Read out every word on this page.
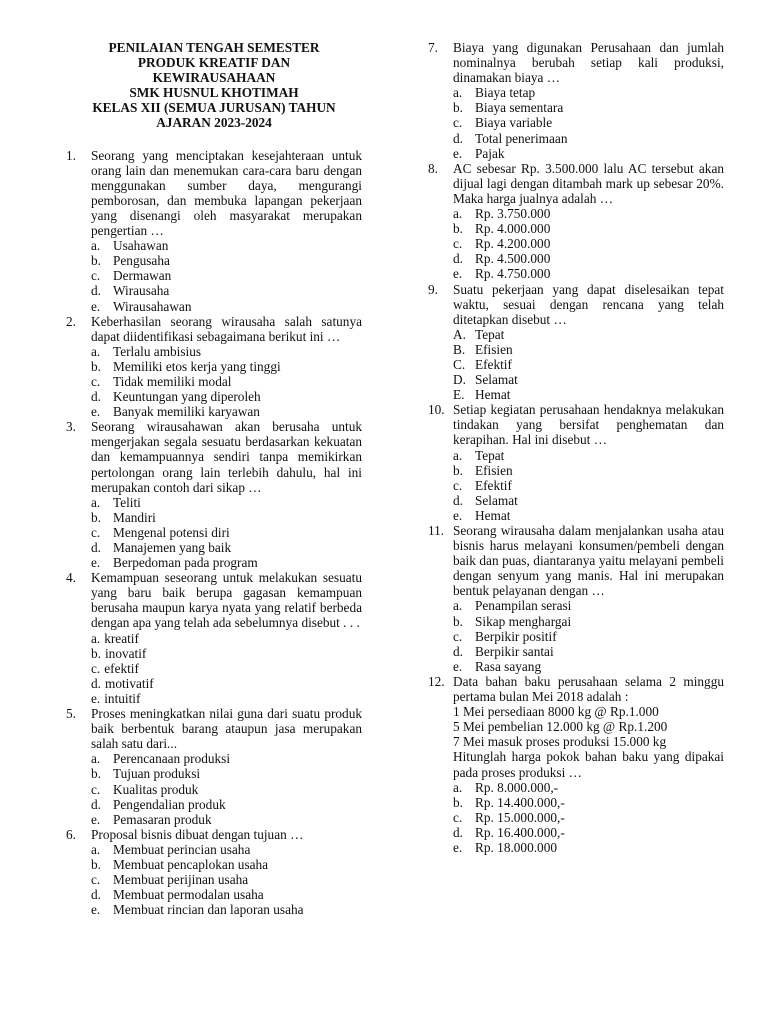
PENILAIAN TENGAH SEMESTER
PRODUK KREATIF DAN
KEWIRAUSAHAAN
SMK HUSNUL KHOTIMAH
KELAS XII (SEMUA JURUSAN) TAHUN
AJARAN 2023-2024
1. Seorang yang menciptakan kesejahteraan untuk orang lain dan menemukan cara-cara baru dengan menggunakan sumber daya, mengurangi pemborosan, dan membuka lapangan pekerjaan yang disenangi oleh masyarakat merupakan pengertian …
a. Usahawan
b. Pengusaha
c. Dermawan
d. Wirausaha
e. Wirausahawan
2. Keberhasilan seorang wirausaha salah satunya dapat diidentifikasi sebagaimana berikut ini …
a. Terlalu ambisius
b. Memiliki etos kerja yang tinggi
c. Tidak memiliki modal
d. Keuntungan yang diperoleh
e. Banyak memiliki karyawan
3. Seorang wirausahawan akan berusaha untuk mengerjakan segala sesuatu berdasarkan kekuatan dan kemampuannya sendiri tanpa memikirkan pertolongan orang lain terlebih dahulu, hal ini merupakan contoh dari sikap …
a. Teliti
b. Mandiri
c. Mengenal potensi diri
d. Manajemen yang baik
e. Berpedoman pada program
4. Kemampuan seseorang untuk melakukan sesuatu yang baru baik berupa gagasan kemampuan berusaha maupun karya nyata yang relatif berbeda dengan apa yang telah ada sebelumnya disebut . . .
a. kreatif
b. inovatif
c. efektif
d. motivatif
e. intuitif
5. Proses meningkatkan nilai guna dari suatu produk baik berbentuk barang ataupun jasa merupakan salah satu dari...
a. Perencanaan produksi
b. Tujuan produksi
c. Kualitas produk
d. Pengendalian produk
e. Pemasaran produk
6. Proposal bisnis dibuat dengan tujuan …
a. Membuat perincian usaha
b. Membuat pencaplokan usaha
c. Membuat perijinan usaha
d. Membuat permodalan usaha
e. Membuat rincian dan laporan usaha
7. Biaya yang digunakan Perusahaan dan jumlah nominalnya berubah setiap kali produksi, dinamakan biaya …
a. Biaya tetap
b. Biaya sementara
c. Biaya variable
d. Total penerimaan
e. Pajak
8. AC sebesar Rp. 3.500.000 lalu AC tersebut akan dijual lagi dengan ditambah mark up sebesar 20%. Maka harga jualnya adalah …
a. Rp. 3.750.000
b. Rp. 4.000.000
c. Rp. 4.200.000
d. Rp. 4.500.000
e. Rp. 4.750.000
9. Suatu pekerjaan yang dapat diselesaikan tepat waktu, sesuai dengan rencana yang telah ditetapkan disebut …
A. Tepat
B. Efisien
C. Efektif
D. Selamat
E. Hemat
10. Setiap kegiatan perusahaan hendaknya melakukan tindakan yang bersifat penghematan dan kerapihan. Hal ini disebut …
a. Tepat
b. Efisien
c. Efektif
d. Selamat
e. Hemat
11. Seorang wirausaha dalam menjalankan usaha atau bisnis harus melayani konsumen/pembeli dengan baik dan puas, diantaranya yaitu melayani pembeli dengan senyum yang manis. Hal ini merupakan bentuk pelayanan dengan …
a. Penampilan serasi
b. Sikap menghargai
c. Berpikir positif
d. Berpikir santai
e. Rasa sayang
12. Data bahan baku perusahaan selama 2 minggu pertama bulan Mei 2018 adalah :
1 Mei persediaan 8000 kg @ Rp.1.000
5 Mei pembelian 12.000 kg @ Rp.1.200
7 Mei masuk proses produksi 15.000 kg
Hitunglah harga pokok bahan baku yang dipakai pada proses produksi …
a. Rp. 8.000.000,-
b. Rp. 14.400.000,-
c. Rp. 15.000.000,-
d. Rp. 16.400.000,-
e. Rp. 18.000.000
